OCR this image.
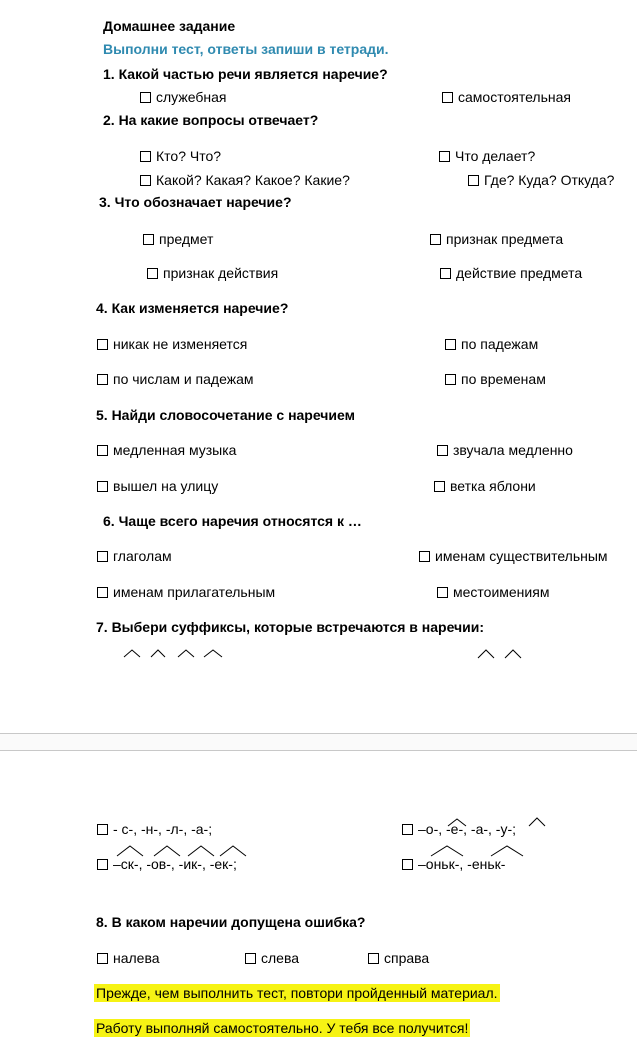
Домашнее задание
Выполни тест, ответы запиши в тетради.
1. Какой частью речи является наречие?
служебная	самостоятельная
2. На какие вопросы отвечает?
Кто? Что?	Что делает?
Какой? Какая? Какое? Какие?	Где? Куда? Откуда?
3. Что обозначает наречие?
предмет	признак предмета
признак действия	действие предмета
4. Как изменяется наречие?
никак не изменяется	по падежам
по числам и падежам	по временам
5. Найди словосочетание с наречием
медленная музыка	звучала медленно
вышел на улицу	ветка яблони
6. Чаще всего наречия относятся к …
глаголам	именам существительным
именам прилагательным	местоимениям
7. Выбери суффиксы, которые встречаются в наречии:
- с-, -н-, -л-, -а-;	–о-, -е-, -а-, -у-;
–ск-, -ов-, -ик-, -ек-;	–оньк-, -еньк-
8. В каком наречии допущена ошибка?
налева	слева	справа
Прежде, чем выполнить тест, повтори пройденный материал.
Работу выполняй самостоятельно. У тебя все получится!
